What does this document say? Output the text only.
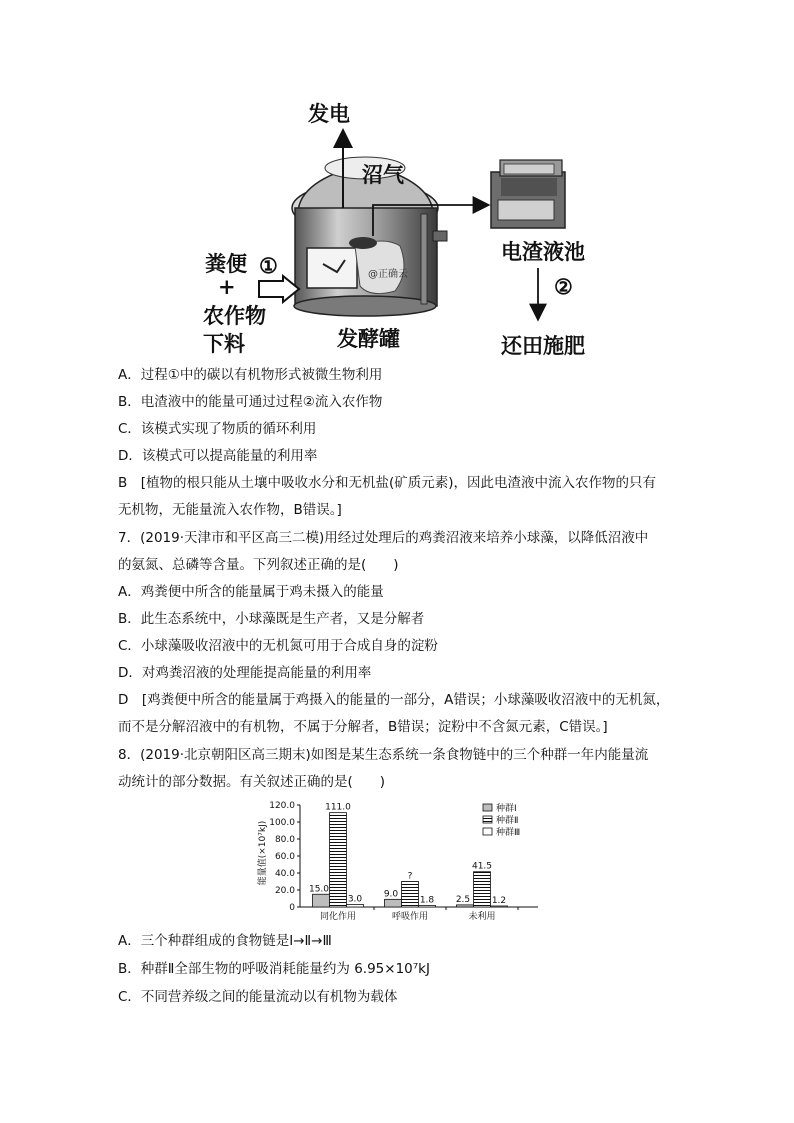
发电
沼气
电渣液池
①
②
粪便
+
农作物
下料	发酵罐	还田施肥
@正确云
A．过程①中的碳以有机物形式被微生物利用
B．电渣液中的能量可通过过程②流入农作物
C．该模式实现了物质的循环利用
D．该模式可以提高能量的利用率
B　[植物的根只能从土壤中吸收水分和无机盐(矿质元素)，因此电渣液中流入农作物的只有
无机物，无能量流入农作物，B错误。]
7．(2019·天津市和平区高三二模)用经过处理后的鸡粪沼液来培养小球藻，以降低沼液中
的氨氮、总磷等含量。下列叙述正确的是(　　)
A．鸡粪便中所含的能量属于鸡未摄入的能量
B．此生态系统中，小球藻既是生产者，又是分解者
C．小球藻吸收沼液中的无机氮可用于合成自身的淀粉
D．对鸡粪沼液的处理能提高能量的利用率
D　[鸡粪便中所含的能量属于鸡摄入的能量的一部分，A错误；小球藻吸收沼液中的无机氮，
而不是分解沼液中的有机物，不属于分解者，B错误；淀粉中不含氮元素，C错误。]
8．(2019·北京朝阳区高三期末)如图是某生态系统一条食物链中的三个种群一年内能量流
动统计的部分数据。有关叙述正确的是(　　)
0
20.0
40.0
60.0
80.0
100.0
120.0
能量值(×10⁷kJ)
同化作用
15.0
111.0
3.0
呼吸作用
9.0
?
1.8
未利用
2.5
41.5
1.2
种群Ⅰ
种群Ⅱ
种群Ⅲ
A．三个种群组成的食物链是Ⅰ→Ⅱ→Ⅲ
B．种群Ⅱ全部生物的呼吸消耗能量约为 6.95×10⁷kJ
C．不同营养级之间的能量流动以有机物为载体
